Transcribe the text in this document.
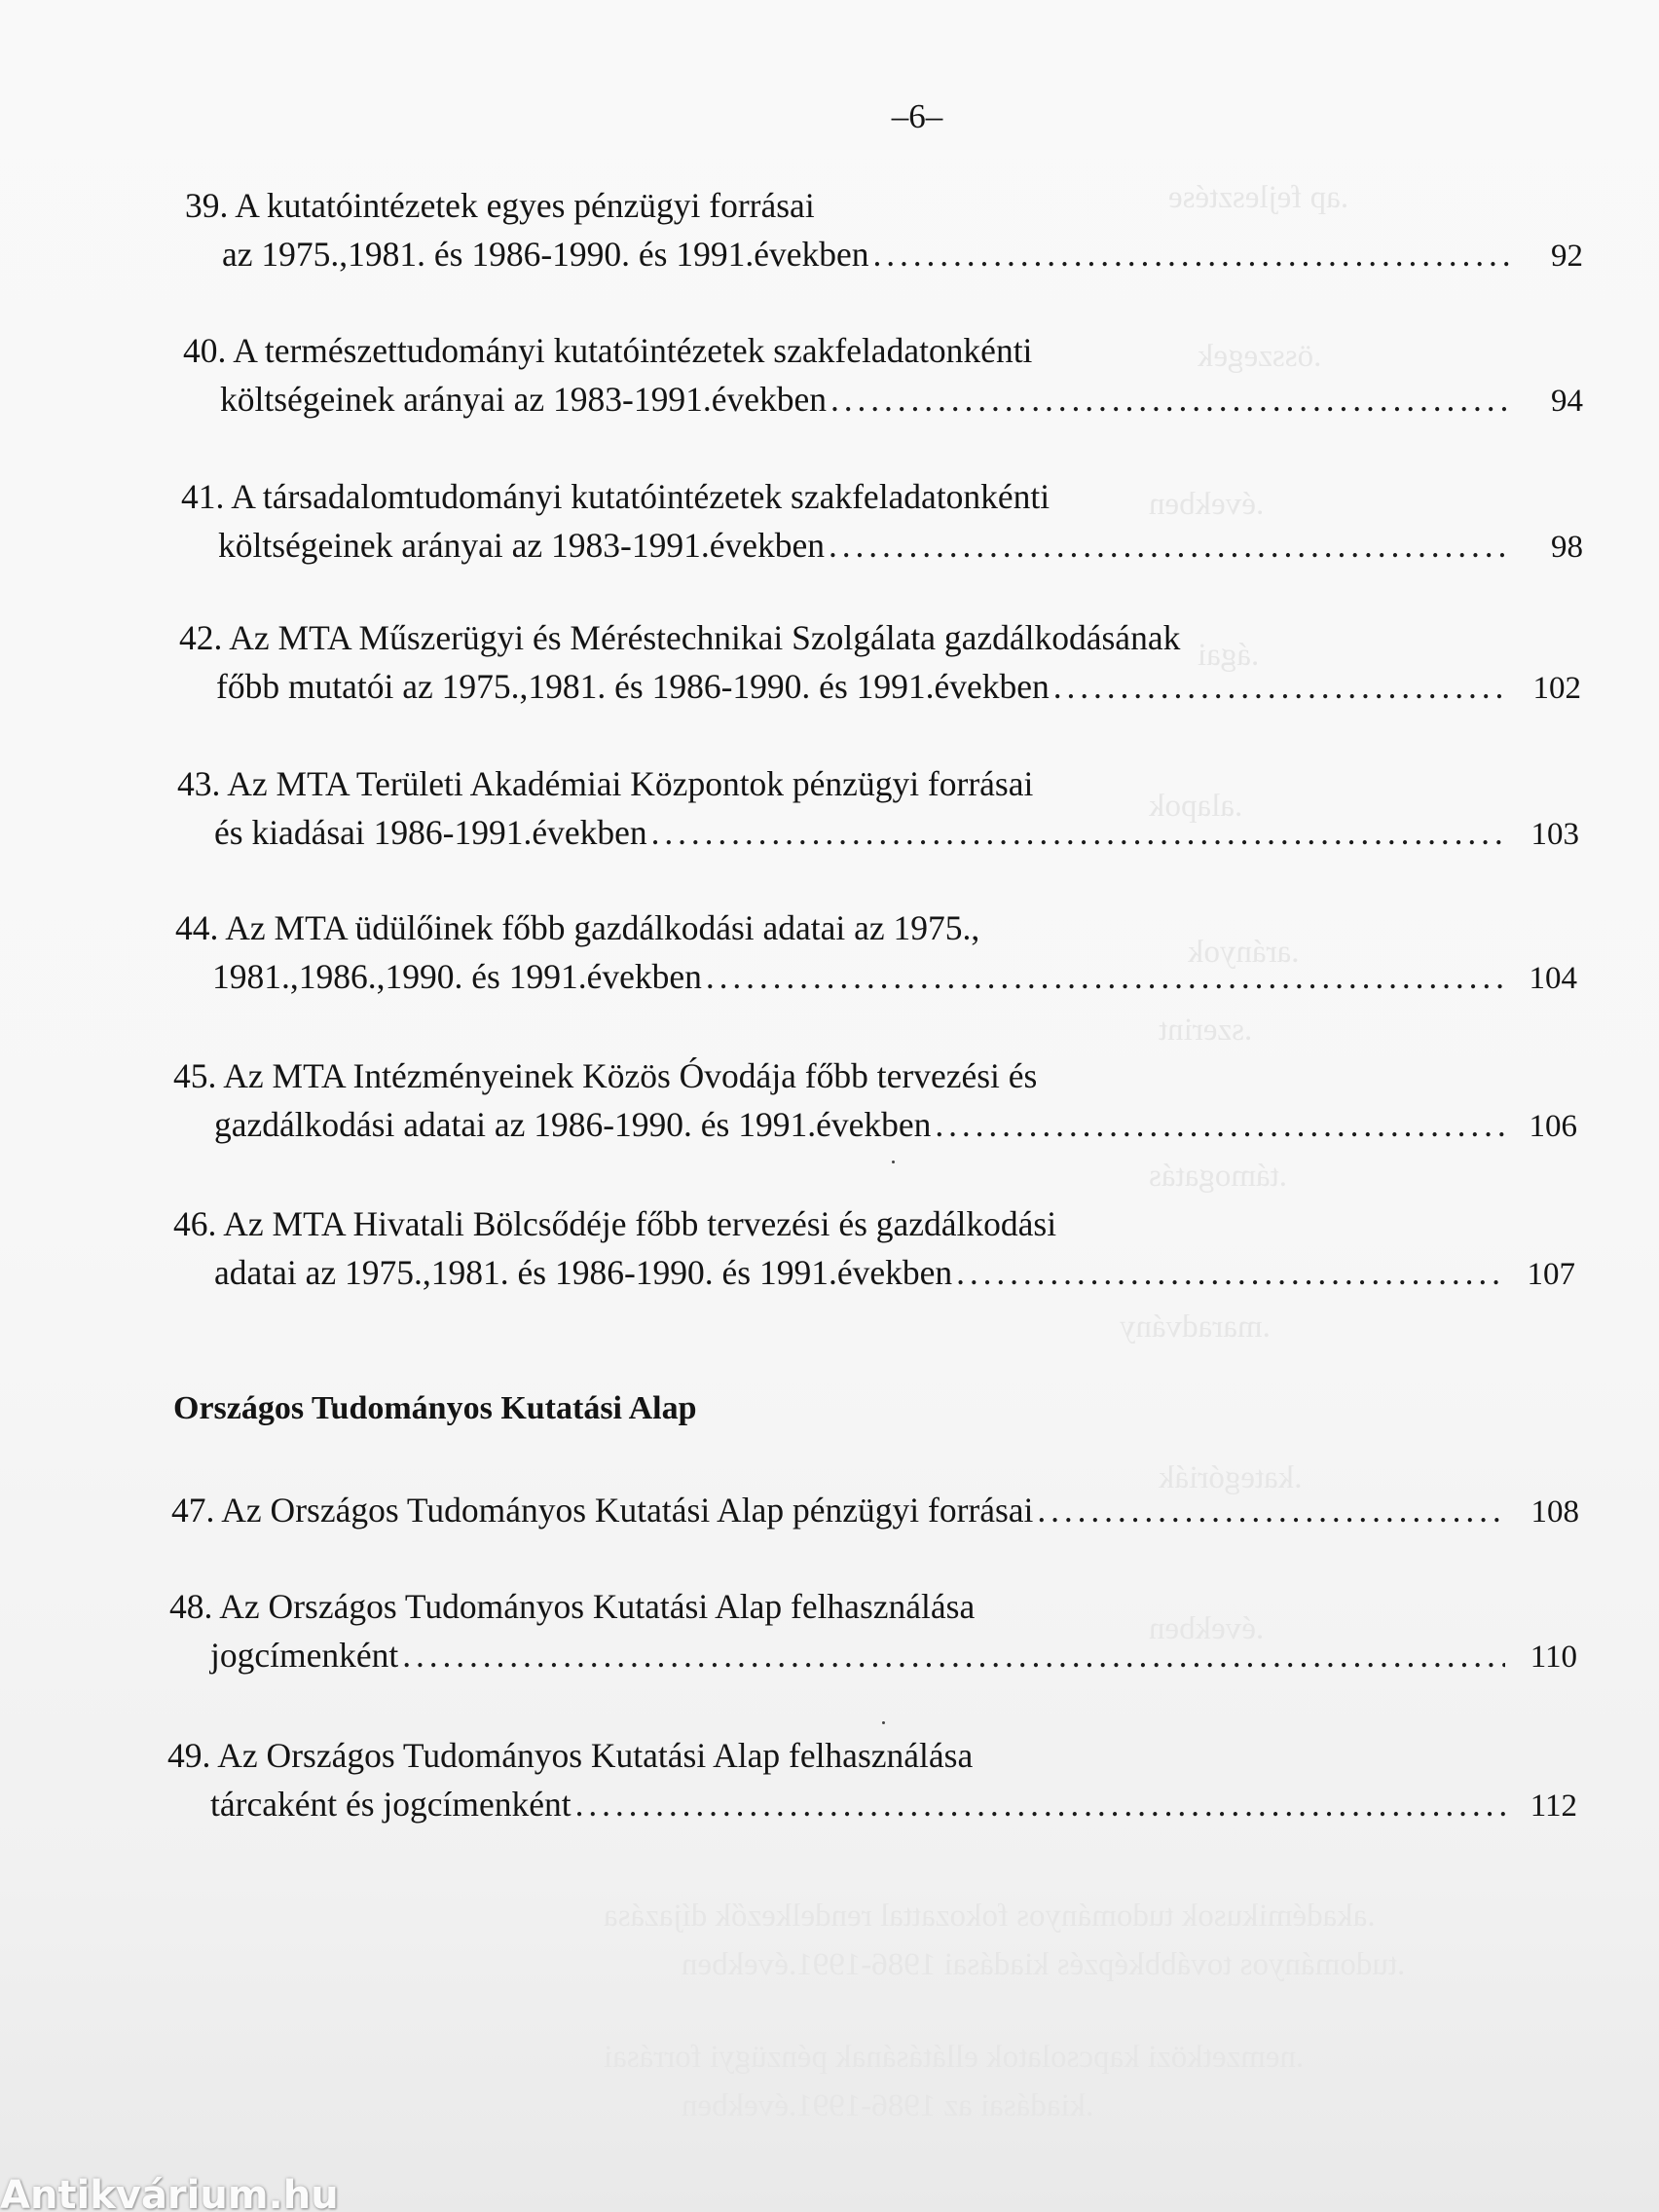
.ap fejlesztése
.összegek
.években
.ágai
.alapok
.arányok
.szerint
.támogatás
.maradvány
.kategóriák
.években
.akadémikusok tudományos fokozattal rendelkezők díjazása
.tudományos továbbképzés kiadásai 1986-1991.években
.nemzetközi kapcsolatok ellátásának pénzügyi forrásai
.kiadásai az 1986-1991.években
–6–
39. A kutatóintézetek egyes pénzügyi forrásai
az 1975.,1981. és 1986-1990. és 1991.években . . .	92
40. A természettudományi kutatóintézetek szakfeladatonkénti
költségeinek arányai az 1983-1991.években . . .	94
41. A társadalomtudományi kutatóintézetek szakfeladatonkénti
költségeinek arányai az 1983-1991.években . . .	98
42. Az MTA Műszerügyi és Méréstechnikai Szolgálata gazdálkodásának
főbb mutatói az 1975.,1981. és 1986-1990. és 1991.években . . .	102
43. Az MTA Területi Akadémiai Központok pénzügyi forrásai
és kiadásai 1986-1991.években . . .	103
44. Az MTA üdülőinek főbb gazdálkodási adatai az 1975.,
1981.,1986.,1990. és 1991.években . . .	104
45. Az MTA Intézményeinek Közös Óvodája főbb tervezési és
gazdálkodási adatai az 1986-1990. és 1991.években . . .	106
46. Az MTA Hivatali Bölcsődéje főbb tervezési és gazdálkodási
adatai az 1975.,1981. és 1986-1990. és 1991.években . . .	107
Országos Tudományos Kutatási Alap
47. Az Országos Tudományos Kutatási Alap pénzügyi forrásai . . .	108
48. Az Országos Tudományos Kutatási Alap felhasználása
jogcímenként . . .	110
49. Az Országos Tudományos Kutatási Alap felhasználása
tárcaként és jogcímenként . . .	112
Antikvárium.hu
